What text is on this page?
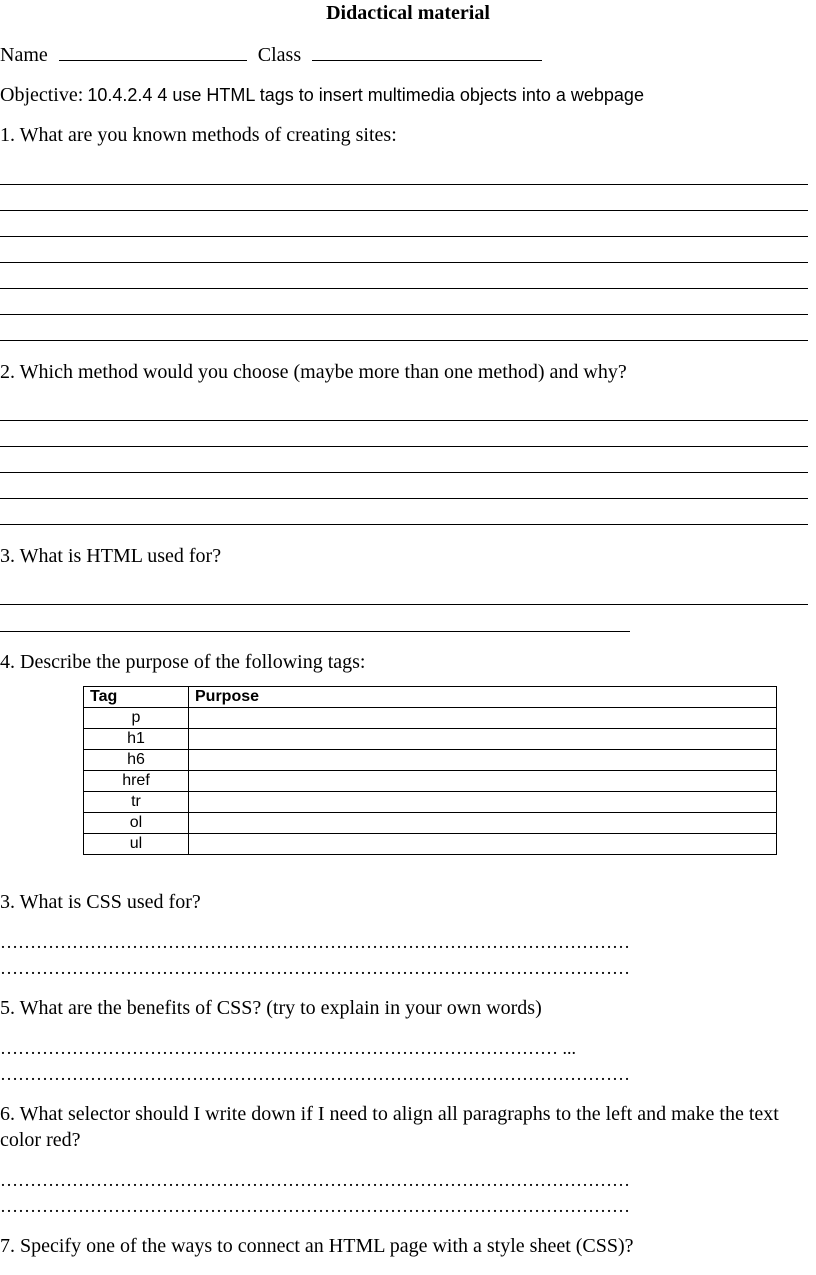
Didactical material
Name	Class
Objective: 10.4.2.4 4 use HTML tags to insert multimedia objects into a webpage
1. What are you known methods of creating sites:
2. Which method would you choose (maybe more than one method) and why?
3. What is HTML used for?
4. Describe the purpose of the following tags:
Tag	Purpose
p	
h1	
h6	
href	
tr	
ol	
ul	
3. What is CSS used for?
……………………………………………………………………………………………
……………………………………………………………………………………………
5. What are the benefits of CSS? (try to explain in your own words)
………………………………………………………………………………… ...
……………………………………………………………………………………………
6. What selector should I write down if I need to align all paragraphs to the left and make the text
color red?
……………………………………………………………………………………………
……………………………………………………………………………………………
7. Specify one of the ways to connect an HTML page with a style sheet (CSS)?
